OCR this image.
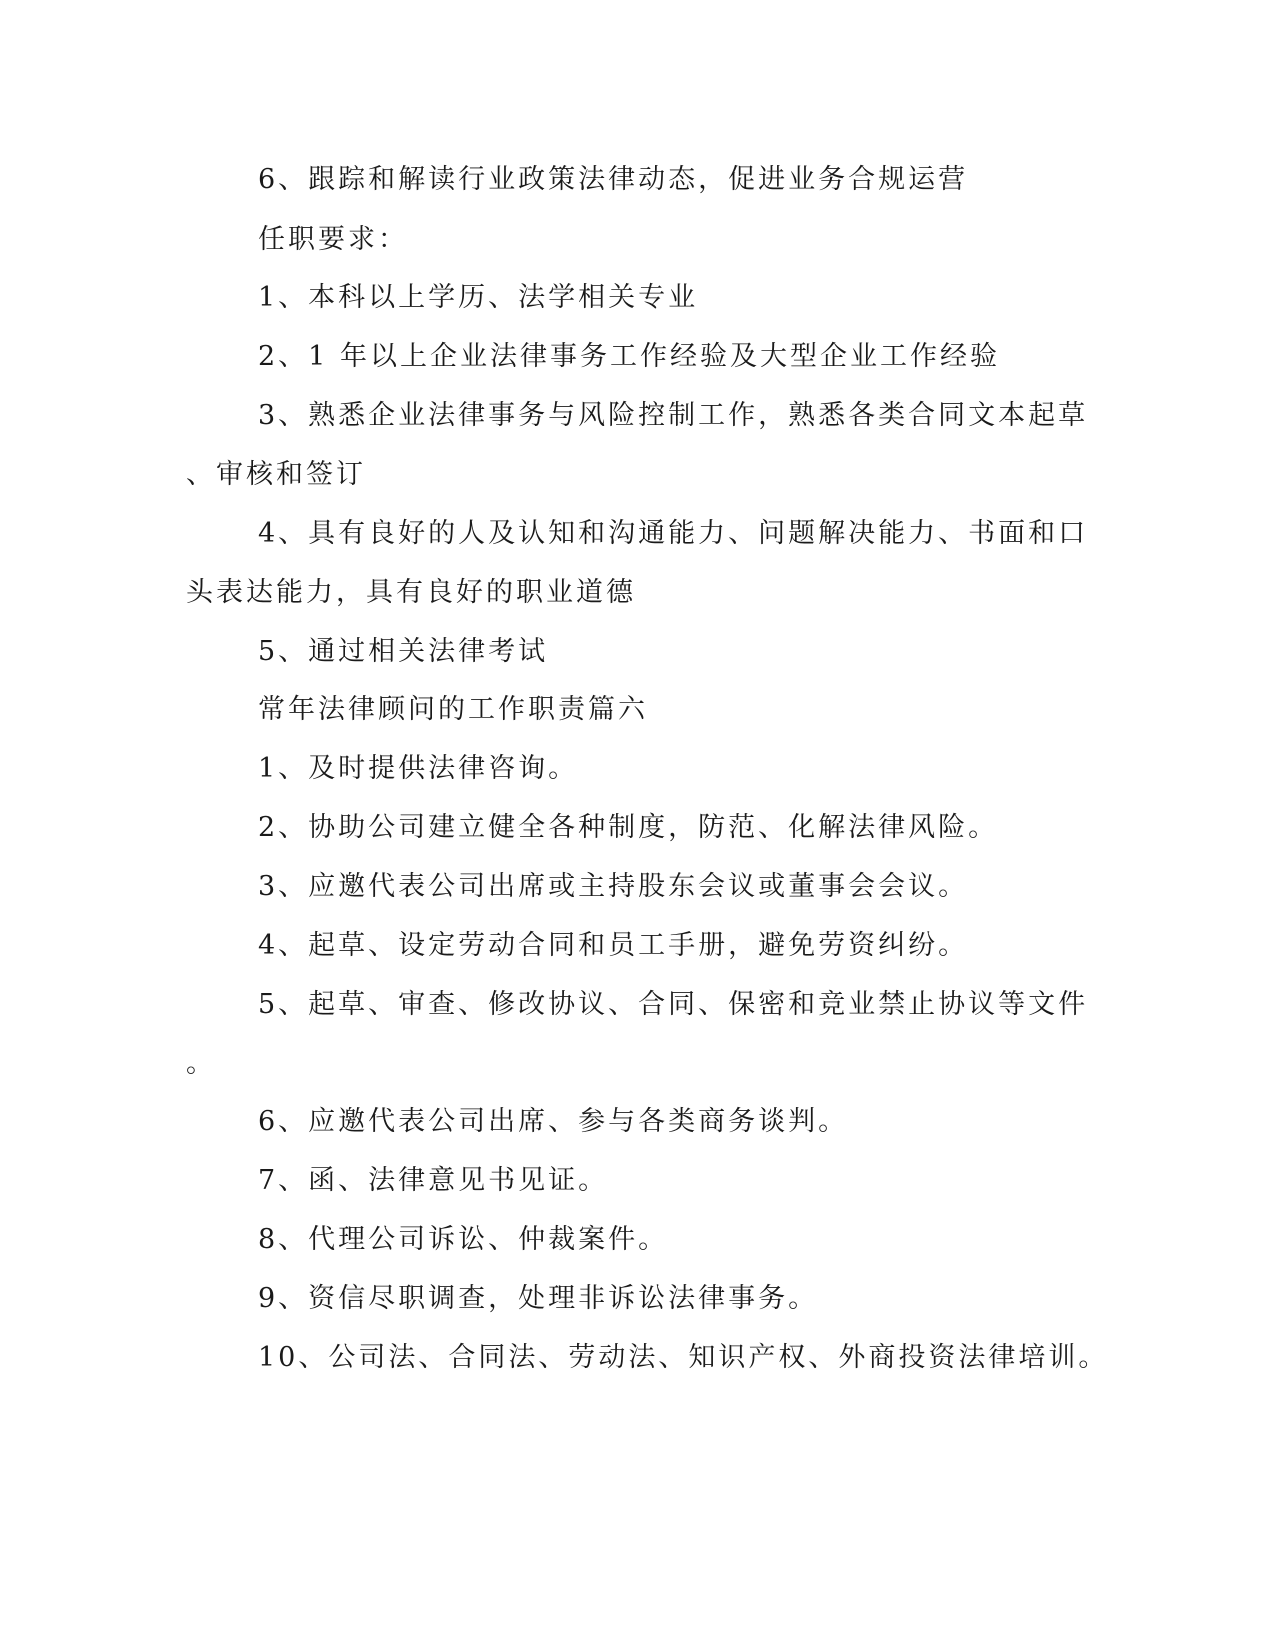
6、跟踪和解读行业政策法律动态，促进业务合规运营
任职要求：
1、本科以上学历、法学相关专业
2、1 年以上企业法律事务工作经验及大型企业工作经验
3、熟悉企业法律事务与风险控制工作，熟悉各类合同文本起草
、审核和签订
4、具有良好的人及认知和沟通能力、问题解决能力、书面和口
头表达能力，具有良好的职业道德
5、通过相关法律考试
常年法律顾问的工作职责篇六
1、及时提供法律咨询。
2、协助公司建立健全各种制度，防范、化解法律风险。
3、应邀代表公司出席或主持股东会议或董事会会议。
4、起草、设定劳动合同和员工手册，避免劳资纠纷。
5、起草、审查、修改协议、合同、保密和竞业禁止协议等文件
。
6、应邀代表公司出席、参与各类商务谈判。
7、函、法律意见书见证。
8、代理公司诉讼、仲裁案件。
9、资信尽职调查，处理非诉讼法律事务。
10、公司法、合同法、劳动法、知识产权、外商投资法律培训。
